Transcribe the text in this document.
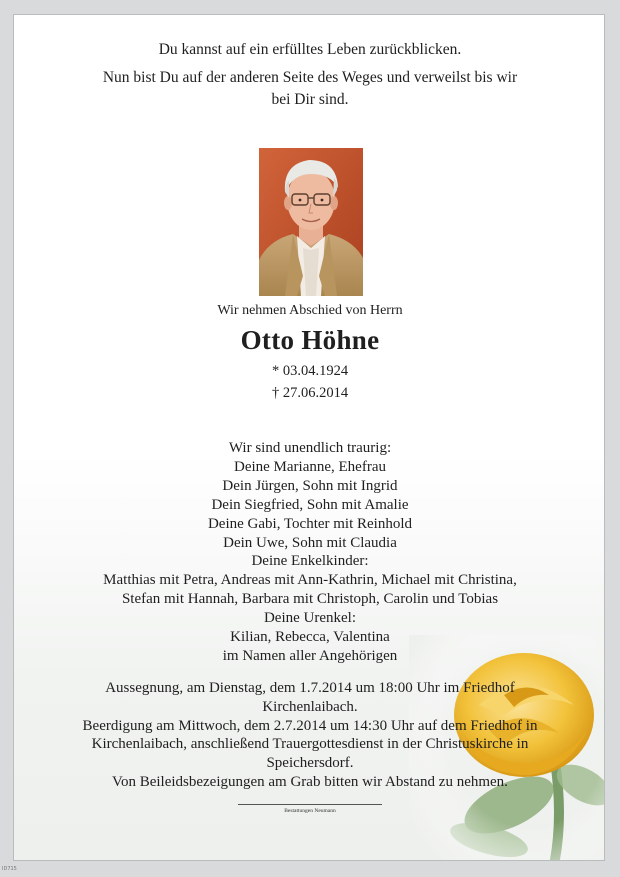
Du kannst auf ein erfülltes Leben zurückblicken.

Nun bist Du auf der anderen Seite des Weges und verweilst bis wir

bei Dir sind.

Wir nehmen Abschied von Herrn
Otto Höhne
* 03.04.1924
† 27.06.2014
Wir sind unendlich traurig:
Deine Marianne, Ehefrau
Dein Jürgen, Sohn mit Ingrid
Dein Siegfried, Sohn mit Amalie
Deine Gabi, Tochter mit Reinhold
Dein Uwe, Sohn mit Claudia
Deine Enkelkinder:
Matthias mit Petra, Andreas mit Ann-Kathrin, Michael mit Christina,
Stefan mit Hannah, Barbara mit Christoph, Carolin und Tobias
Deine Urenkel:
Kilian, Rebecca, Valentina
im Namen aller Angehörigen
Aussegnung, am Dienstag, dem 1.7.2014 um 18:00 Uhr im Friedhof
Kirchenlaibach.
Beerdigung am Mittwoch, dem 2.7.2014 um 14:30 Uhr auf dem Friedhof in
Kirchenlaibach, anschließend Trauergottesdienst in der Christuskirche in
Speichersdorf.
Von Beileidsbezeigungen am Grab bitten wir Abstand zu nehmen.
Bestattungen Neumann
ID715
